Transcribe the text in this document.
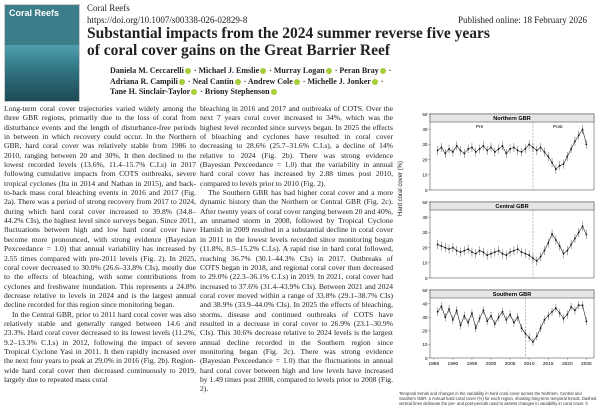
Coral Reefs	Coral Reefs
https://doi.org/10.1007/s00338-026-02829-8	Published online: 18 February 2026
Substantial impacts from the 2024 summer reverse five years
of coral cover gains on the Great Barrier Reef
Daniela M. Ceccarelli · Michael J. Emslie · Murray Logan · Peran Bray ·
Adriana R. Campili · Neal Cantin · Andrew Cole · Michelle J. Jonker ·
Tane H. Sinclair-Taylor · Briony Stephenson

Long-term coral cover trajectories varied widely among the three GBR regions, primarily due to the loss of coral from disturbance events and the length of disturbance-free periods in between in which recovery could occur. In the Northern GBR, hard coral cover was relatively stable from 1986 to 2010, ranging between 20 and 30%. It then declined to the lowest recorded levels (13.6%, 11.4–15.7% C.I.s) in 2017 following cumulative impacts from COTS outbreaks, severe tropical cyclones (Ita in 2014 and Nathan in 2015), and back-to-back mass coral bleaching events in 2016 and 2017 (Fig. 2a). There was a period of strong recovery from 2017 to 2024, during which hard coral cover increased to 39.8% (34.8–44.2% CIs), the highest level since surveys began. Since 2011, fluctuations between high and low hard coral cover have become more pronounced, with strong evidence (Bayesian Pexceedance = 1.0) that annual variability has increased by 2.55 times compared with pre-2011 levels (Fig. 2). In 2025, coral cover decreased to 30.0% (26.6–33.8% CIs), mostly due to the effects of bleaching, with some contributions from cyclones and freshwater inundation. This represents a 24.8% decrease relative to levels in 2024 and is the largest annual decline recorded for this region since monitoring began.

In the Central GBR, prior to 2011 hard coral cover was also relatively stable and generally ranged between 14.6 and 23.3%. Hard coral cover decreased to its lowest levels (11.2%, 9.2–13.3% C.I.s) in 2012, following the impact of severe Tropical Cyclone Yasi in 2011. It then rapidly increased over the next four years to peak at 29.0% in 2016 (Fig. 2b). Region-wide hard coral cover then decreased continuously to 2019, largely due to repeated mass coral

bleaching in 2016 and 2017 and outbreaks of COTS. Over the next 7 years coral cover increased to 34%, which was the highest level recorded since surveys began. In 2025 the effects of bleaching and cyclones have resulted in coral cover decreasing to 28.6% (25.7–31.6% C.I.s), a decline of 14% relative to 2024 (Fig. 2b). There was strong evidence (Bayesian Pexceedance = 1.0) that the variability in annual hard coral cover has increased by 2.88 times post 2010, compared to levels prior to 2010 (Fig. 2).

The Southern GBR has had higher coral cover and a more dynamic history than the Northern or Central GBR (Fig. 2c). After twenty years of coral cover ranging between 20 and 40%, an unnamed storm in 2008, followed by Tropical Cyclone Hamish in 2009 resulted in a substantial decline in coral cover in 2011 to the lowest levels recorded since monitoring began (11.8%, 8.5–15.2% C.I.s). A rapid rise in hard coral followed, reaching 36.7% (30.1–44.3% CIs) in 2017. Outbreaks of COTS began in 2018, and regional coral cover then decreased to 29.0% (22.3–36.1% C.I.s) in 2019. In 2021, coral cover had increased to 37.6% (31.4–43.9% CIs). Between 2021 and 2024 coral cover moved within a range of 33.8% (29.1–38.7% CIs) and 38.9% (33.9–44.0% CIs). In 2025 the effects of bleaching, storms, disease and continued outbreaks of COTS have resulted in a decrease in coral cover to 26.9% (23.1–30.9% CIs). This 30.6% decrease relative to 2024 levels is the largest annual decline recorded in the Southern region since monitoring began (Fig. 2c). There was strong evidence (Bayesian Pexceedance = 1.0) that the fluctuations in annual hard coral cover between high and low levels have increased by 1.49 times post 2008, compared to levels prior to 2008 (Fig. 2).

Hard coral cover (%)
Northern GBR
0
10
20
30
40
50
Pre	Post
Central GBR
0
10
20
30
40
50
Southern GBR
0
10
20
30
40
50
1985 1990 1995 2000 2005 2010 2015 2020 2025
Temporal trends and changes in the variability in hard coral cover across the Northern, Central and Southern GBR. a Annual hard coral cover (%) for each region, showing long-term temporal trends. Dashed vertical lines delineate the pre- and post-periods used to assess changes in variability in coral cover. b
